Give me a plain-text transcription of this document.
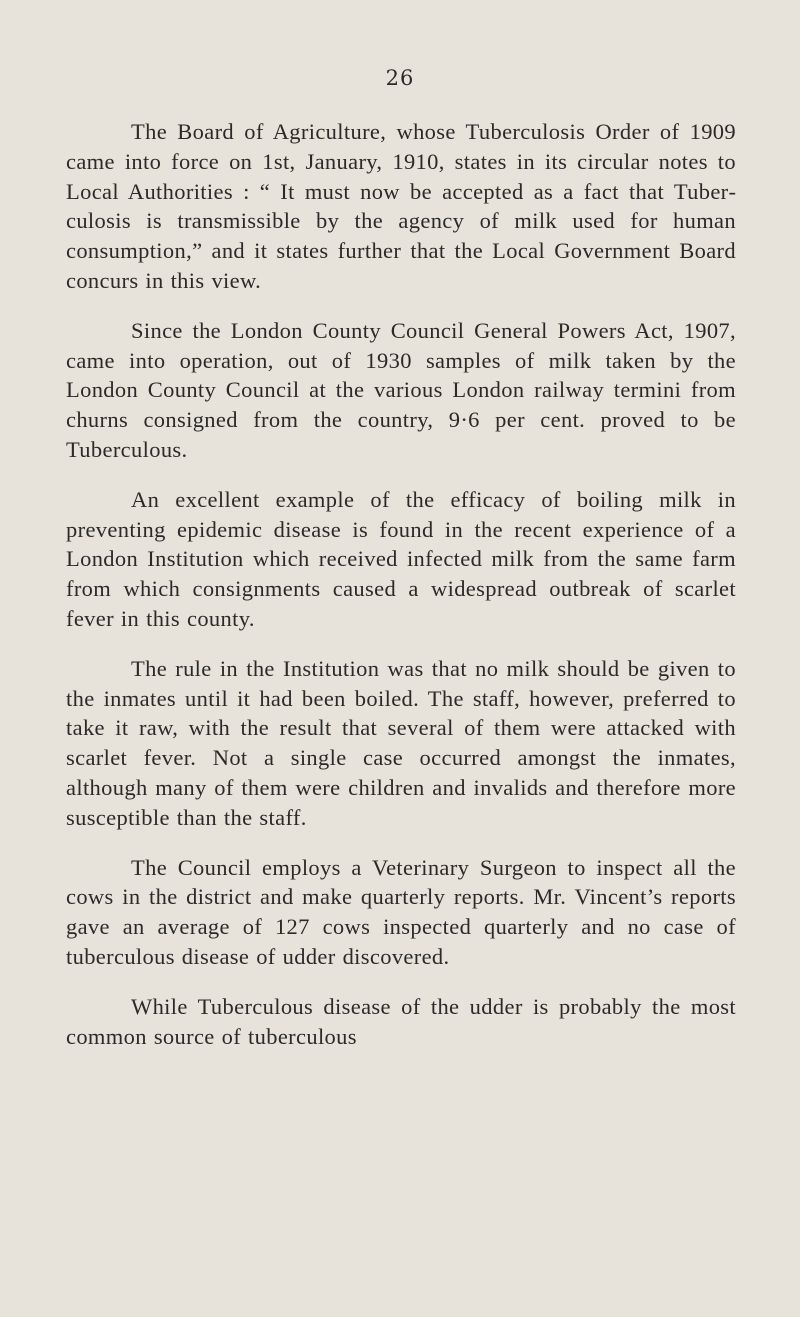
26

The Board of Agriculture, whose Tuberculosis Order of 1909 came into force on 1st, January, 1910, states in its circular notes to Local Authorities : “ It must now be accepted as a fact that Tuberculosis is transmissible by the agency of milk used for human consumption,” and it states further that the Local Government Board concurs in this view.

Since the London County Council General Powers Act, 1907, came into operation, out of 1930 samples of milk taken by the London County Council at the various London railway termini from churns consigned from the country, 9·6 per cent. proved to be Tuberculous.

An excellent example of the efficacy of boiling milk in preventing epidemic disease is found in the recent experience of a London Institution which received infected milk from the same farm from which consignments caused a widespread outbreak of scarlet fever in this county.

The rule in the Institution was that no milk should be given to the inmates until it had been boiled. The staff, however, preferred to take it raw, with the result that several of them were attacked with scarlet fever. Not a single case occurred amongst the inmates, although many of them were children and invalids and therefore more susceptible than the staff.

The Council employs a Veterinary Surgeon to inspect all the cows in the district and make quarterly reports. Mr. Vincent’s reports gave an average of 127 cows inspected quarterly and no case of tuberculous disease of udder discovered.

While Tuberculous disease of the udder is probably the most common source of tuberculous
